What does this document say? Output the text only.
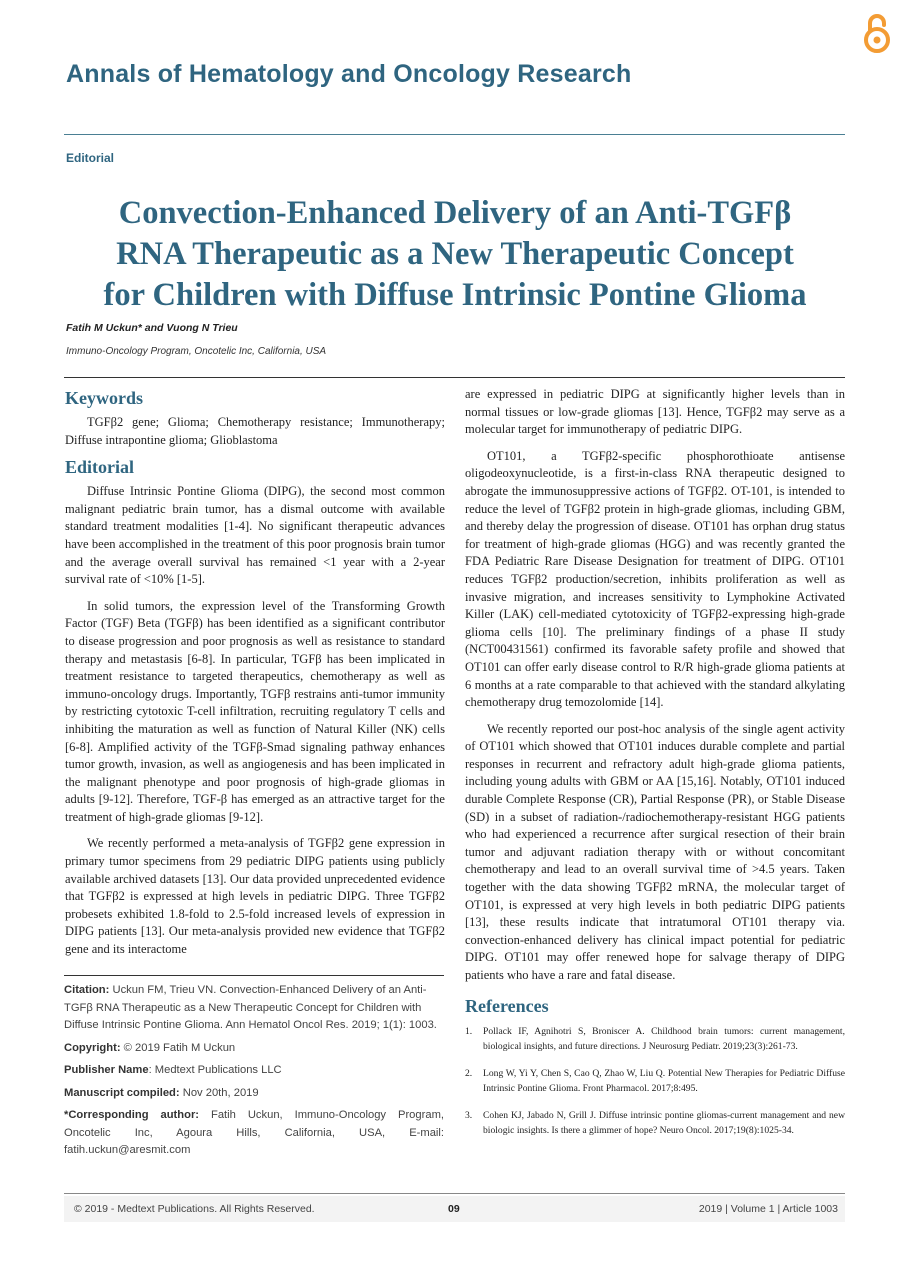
Annals of Hematology and Oncology Research
Editorial
Convection-Enhanced Delivery of an Anti-TGFβ
RNA Therapeutic as a New Therapeutic Concept
for Children with Diffuse Intrinsic Pontine Glioma
Fatih M Uckun* and Vuong N Trieu
Immuno-Oncology Program, Oncotelic Inc, California, USA
Keywords

TGFβ2 gene; Glioma; Chemotherapy resistance; Immunotherapy; Diffuse intrapontine glioma; Glioblastoma

Editorial

Diffuse Intrinsic Pontine Glioma (DIPG), the second most common malignant pediatric brain tumor, has a dismal outcome with available standard treatment modalities [1-4]. No significant therapeutic advances have been accomplished in the treatment of this poor prognosis brain tumor and the average overall survival has remained <1 year with a 2-year survival rate of <10% [1-5].

In solid tumors, the expression level of the Transforming Growth Factor (TGF) Beta (TGFβ) has been identified as a significant contributor to disease progression and poor prognosis as well as resistance to standard therapy and metastasis [6-8]. In particular, TGFβ has been implicated in treatment resistance to targeted therapeutics, chemotherapy as well as immuno-oncology drugs. Importantly, TGFβ restrains anti-tumor immunity by restricting cytotoxic T-cell infiltration, recruiting regulatory T cells and inhibiting the maturation as well as function of Natural Killer (NK) cells [6-8]. Amplified activity of the TGFβ-Smad signaling pathway enhances tumor growth, invasion, as well as angiogenesis and has been implicated in the malignant phenotype and poor prognosis of high-grade gliomas in adults [9-12]. Therefore, TGF-β has emerged as an attractive target for the treatment of high-grade gliomas [9-12].

We recently performed a meta-analysis of TGFβ2 gene expression in primary tumor specimens from 29 pediatric DIPG patients using publicly available archived datasets [13]. Our data provided unprecedented evidence that TGFβ2 is expressed at high levels in pediatric DIPG. Three TGFβ2 probesets exhibited 1.8-fold to 2.5-fold increased levels of expression in DIPG patients [13]. Our meta-analysis provided new evidence that TGFβ2 gene and its interactome

Citation: Uckun FM, Trieu VN. Convection-Enhanced Delivery of an Anti-TGFβ RNA Therapeutic as a New Therapeutic Concept for Children with Diffuse Intrinsic Pontine Glioma. Ann Hematol Oncol Res. 2019; 1(1): 1003.
Copyright: © 2019 Fatih M Uckun
Publisher Name: Medtext Publications LLC
Manuscript compiled: Nov 20th, 2019
*Corresponding author: Fatih Uckun, Immuno-Oncology Program, Oncotelic Inc, Agoura Hills, California, USA, E-mail: fatih.uckun@aresmit.com

are expressed in pediatric DIPG at significantly higher levels than in normal tissues or low-grade gliomas [13]. Hence, TGFβ2 may serve as a molecular target for immunotherapy of pediatric DIPG.

OT101, a TGFβ2-specific phosphorothioate antisense oligodeoxynucleotide, is a first-in-class RNA therapeutic designed to abrogate the immunosuppressive actions of TGFβ2. OT-101, is intended to reduce the level of TGFβ2 protein in high-grade gliomas, including GBM, and thereby delay the progression of disease. OT101 has orphan drug status for treatment of high-grade gliomas (HGG) and was recently granted the FDA Pediatric Rare Disease Designation for treatment of DIPG. OT101 reduces TGFβ2 production/secretion, inhibits proliferation as well as invasive migration, and increases sensitivity to Lymphokine Activated Killer (LAK) cell-mediated cytotoxicity of TGFβ2-expressing high-grade glioma cells [10]. The preliminary findings of a phase II study (NCT00431561) confirmed its favorable safety profile and showed that OT101 can offer early disease control to R/R high-grade glioma patients at 6 months at a rate comparable to that achieved with the standard alkylating chemotherapy drug temozolomide [14].

We recently reported our post-hoc analysis of the single agent activity of OT101 which showed that OT101 induces durable complete and partial responses in recurrent and refractory adult high-grade glioma patients, including young adults with GBM or AA [15,16]. Notably, OT101 induced durable Complete Response (CR), Partial Response (PR), or Stable Disease (SD) in a subset of radiation-/radiochemotherapy-resistant HGG patients who had experienced a recurrence after surgical resection of their brain tumor and adjuvant radiation therapy with or without concomitant chemotherapy and lead to an overall survival time of >4.5 years. Taken together with the data showing TGFβ2 mRNA, the molecular target of OT101, is expressed at very high levels in both pediatric DIPG patients [13], these results indicate that intratumoral OT101 therapy via. convection-enhanced delivery has clinical impact potential for pediatric DIPG. OT101 may offer renewed hope for salvage therapy of DIPG patients who have a rare and fatal disease.

References
1. Pollack IF, Agnihotri S, Broniscer A. Childhood brain tumors: current management, biological insights, and future directions. J Neurosurg Pediatr. 2019;23(3):261-73.
2. Long W, Yi Y, Chen S, Cao Q, Zhao W, Liu Q. Potential New Therapies for Pediatric Diffuse Intrinsic Pontine Glioma. Front Pharmacol. 2017;8:495.
3. Cohen KJ, Jabado N, Grill J. Diffuse intrinsic pontine gliomas-current management and new biologic insights. Is there a glimmer of hope? Neuro Oncol. 2017;19(8):1025-34.
© 2019 - Medtext Publications. All Rights Reserved.	09	2019 | Volume 1 | Article 1003
